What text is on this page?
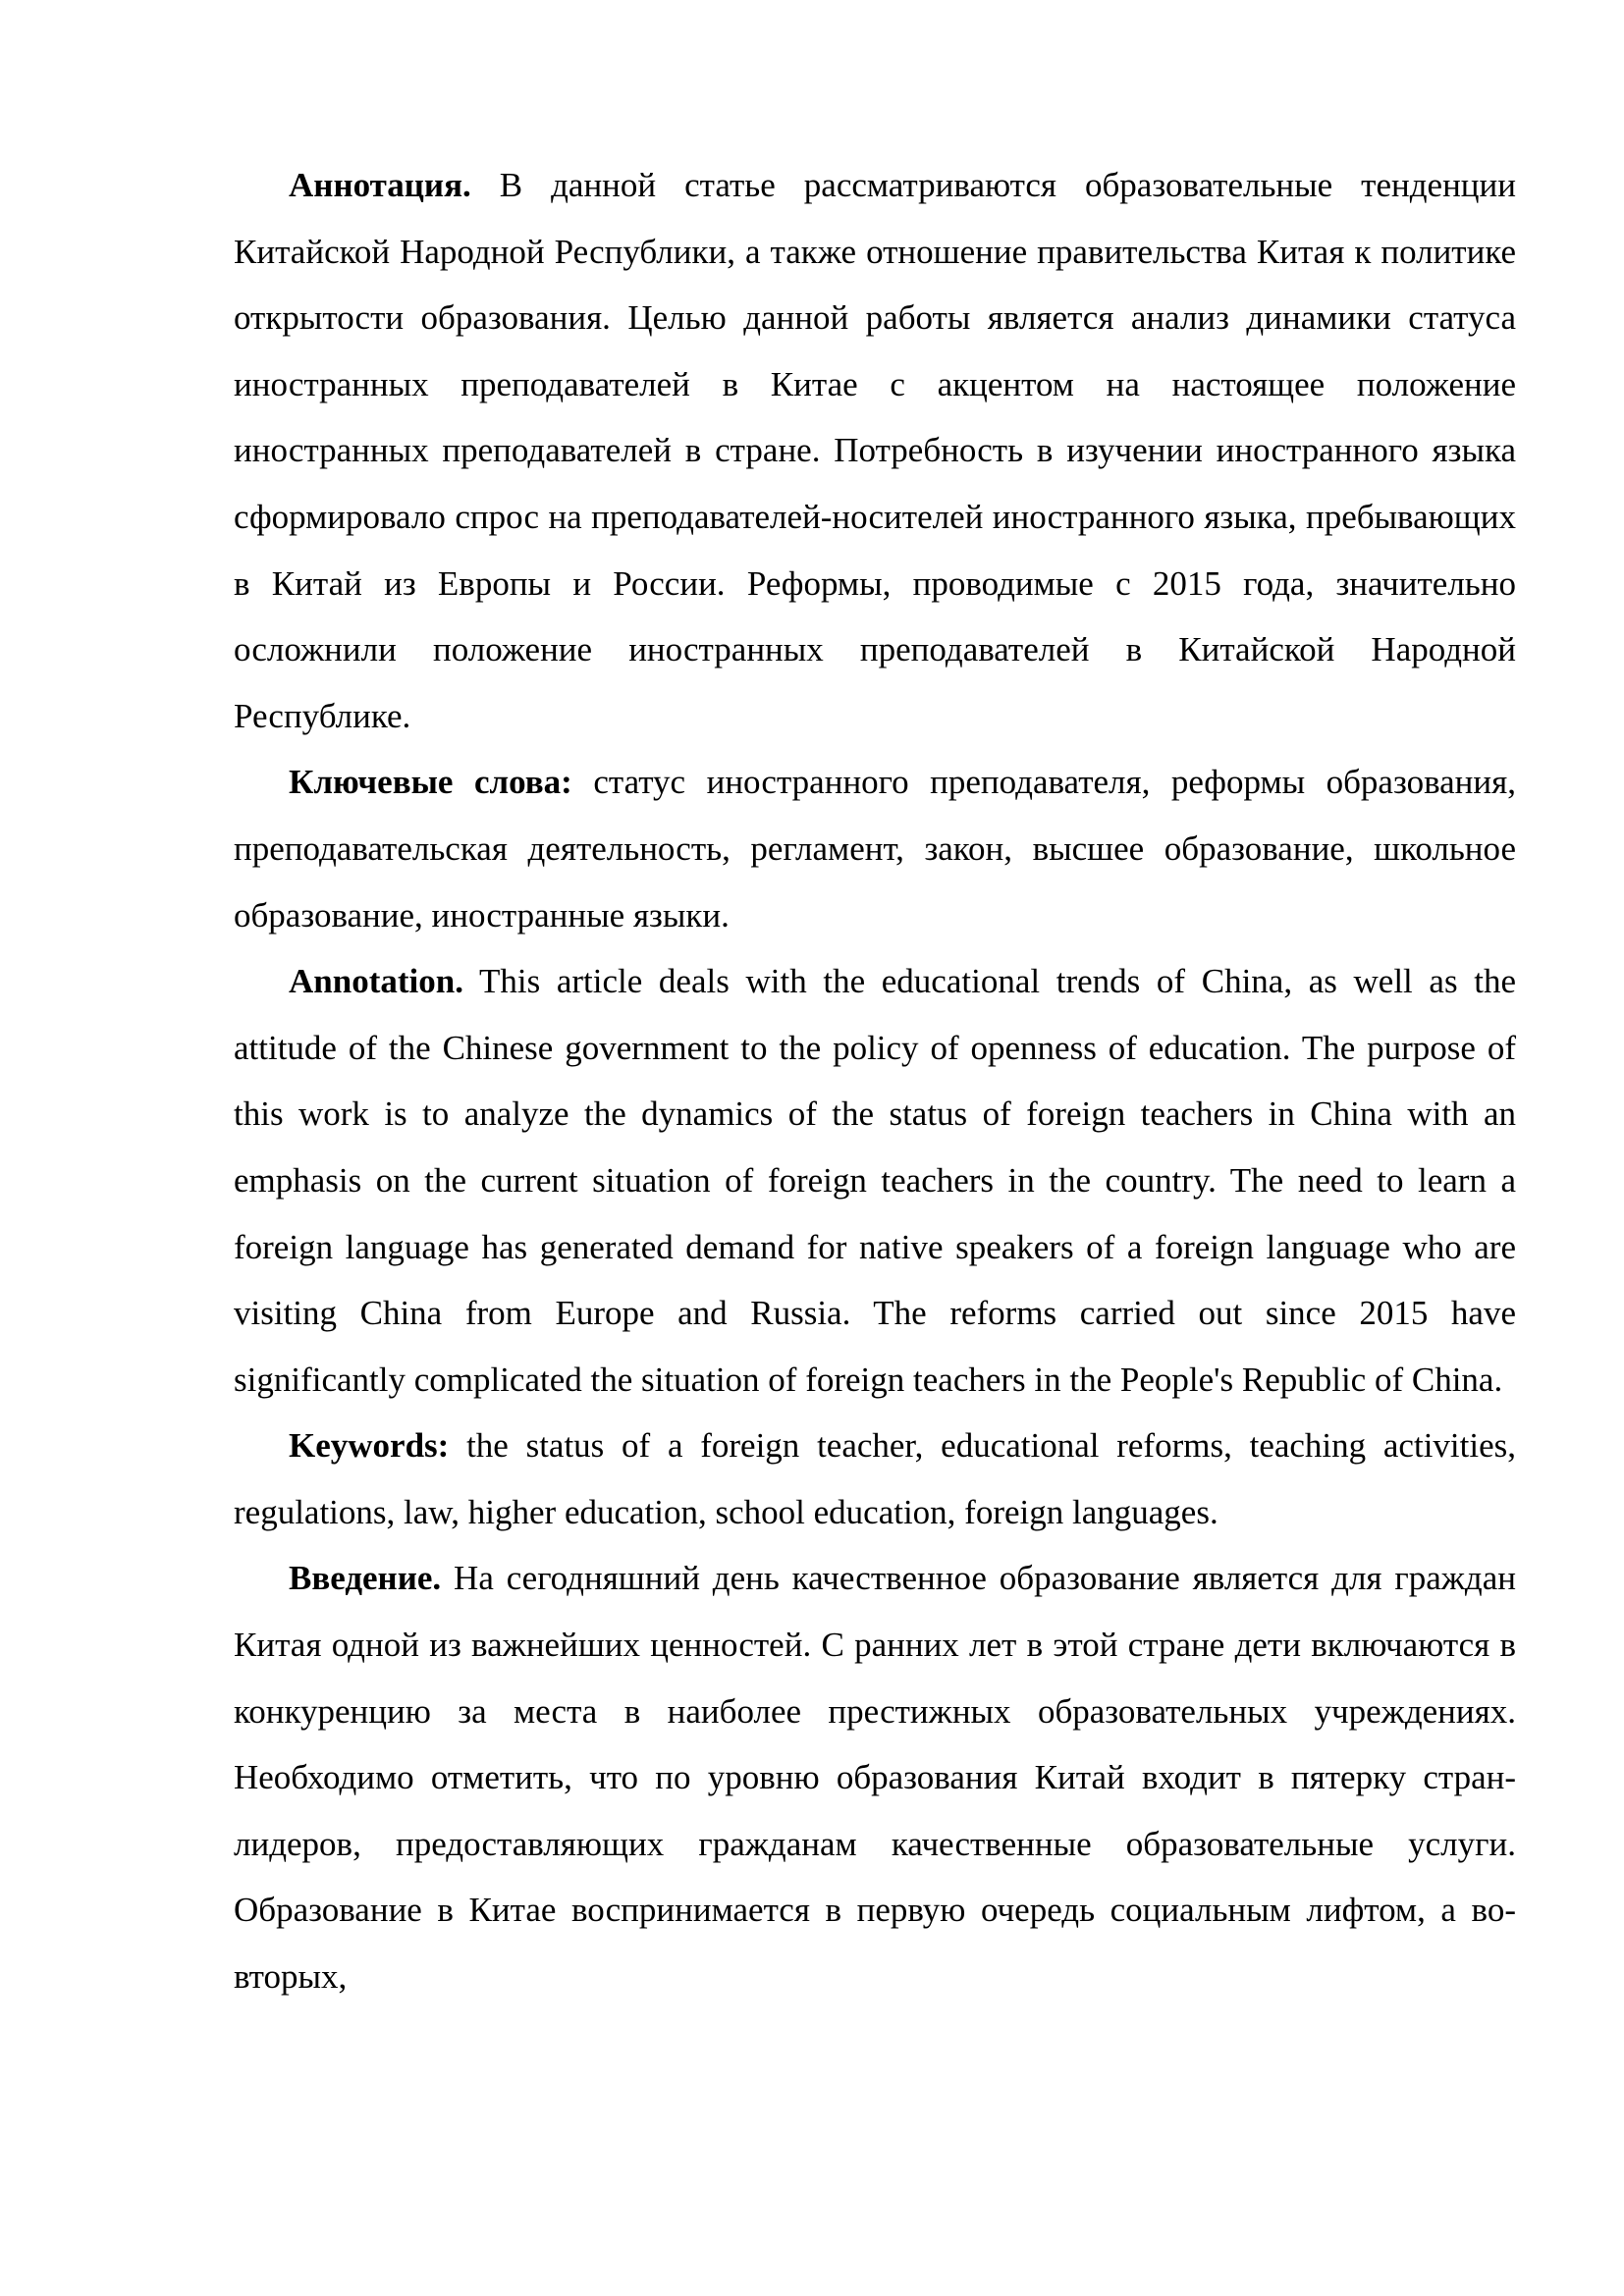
Аннотация. В данной статье рассматриваются образовательные тенденции Китайской Народной Республики, а также отношение правительства Китая к политике открытости образования. Целью данной работы является анализ динамики статуса иностранных преподавателей в Китае с акцентом на настоящее положение иностранных преподавателей в стране. Потребность в изучении иностранного языка сформировало спрос на преподавателей-носителей иностранного языка, пребывающих в Китай из Европы и России. Реформы, проводимые с 2015 года, значительно осложнили положение иностранных преподавателей в Китайской Народной Республике.

Ключевые слова: статус иностранного преподавателя, реформы образования, преподавательская деятельность, регламент, закон, высшее образование, школьное образование, иностранные языки.

Annotation. This article deals with the educational trends of China, as well as the attitude of the Chinese government to the policy of openness of education. The purpose of this work is to analyze the dynamics of the status of foreign teachers in China with an emphasis on the current situation of foreign teachers in the country. The need to learn a foreign language has generated demand for native speakers of a foreign language who are visiting China from Europe and Russia. The reforms carried out since 2015 have significantly complicated the situation of foreign teachers in the People's Republic of China.

Keywords: the status of a foreign teacher, educational reforms, teaching activities, regulations, law, higher education, school education, foreign languages.

Введение. На сегодняшний день качественное образование является для граждан Китая одной из важнейших ценностей. С ранних лет в этой стране дети включаются в конкуренцию за места в наиболее престижных образовательных учреждениях. Необходимо отметить, что по уровню образования Китай входит в пятерку стран-лидеров, предоставляющих гражданам качественные образовательные услуги. Образование в Китае воспринимается в первую очередь социальным лифтом, а во-вторых,
